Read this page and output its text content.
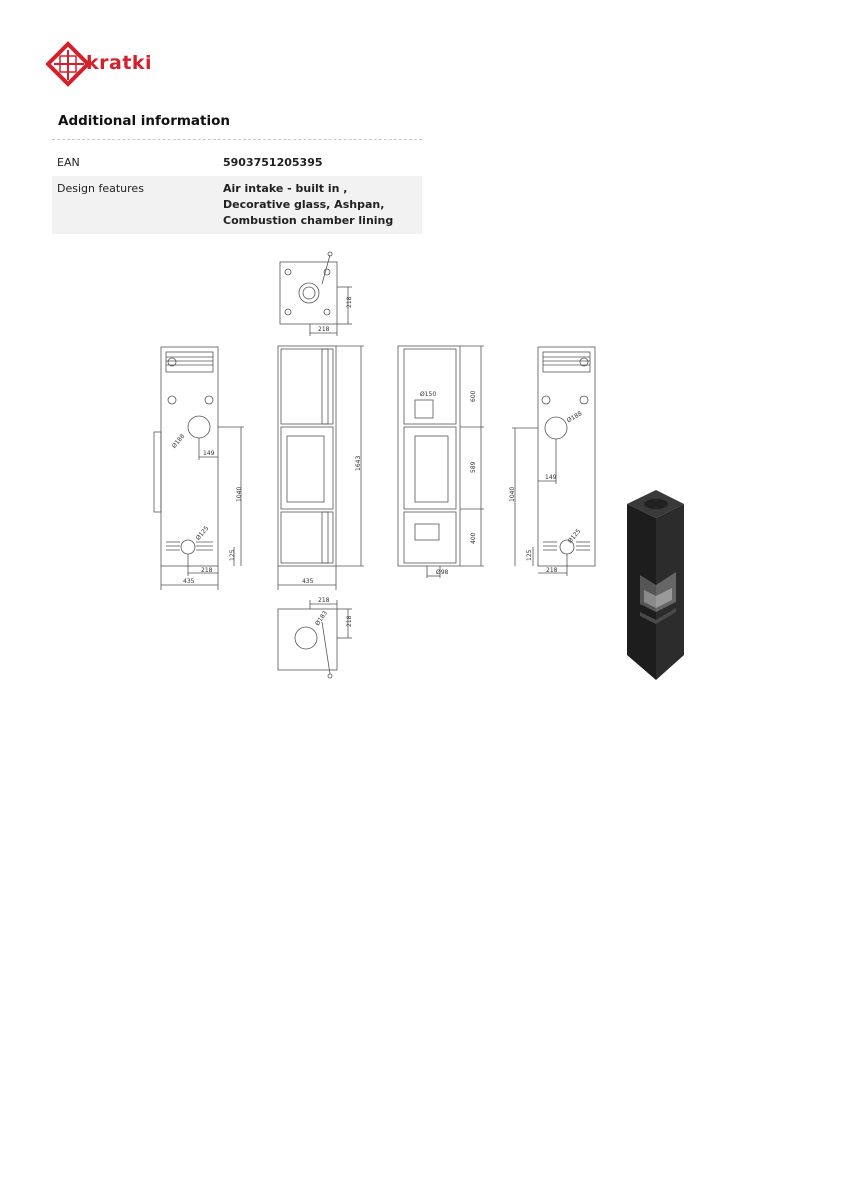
kratki
Additional information
EAN	5903751205395
Design features	Air intake - built in , Decorative glass, Ashpan, Combustion chamber lining
218
218
435
218
149
1040
125
Ø188
Ø125
435
1643
Ø150	600
589
400
Ø98
1040
149
218
125
Ø188
Ø125
218
218
Ø183
